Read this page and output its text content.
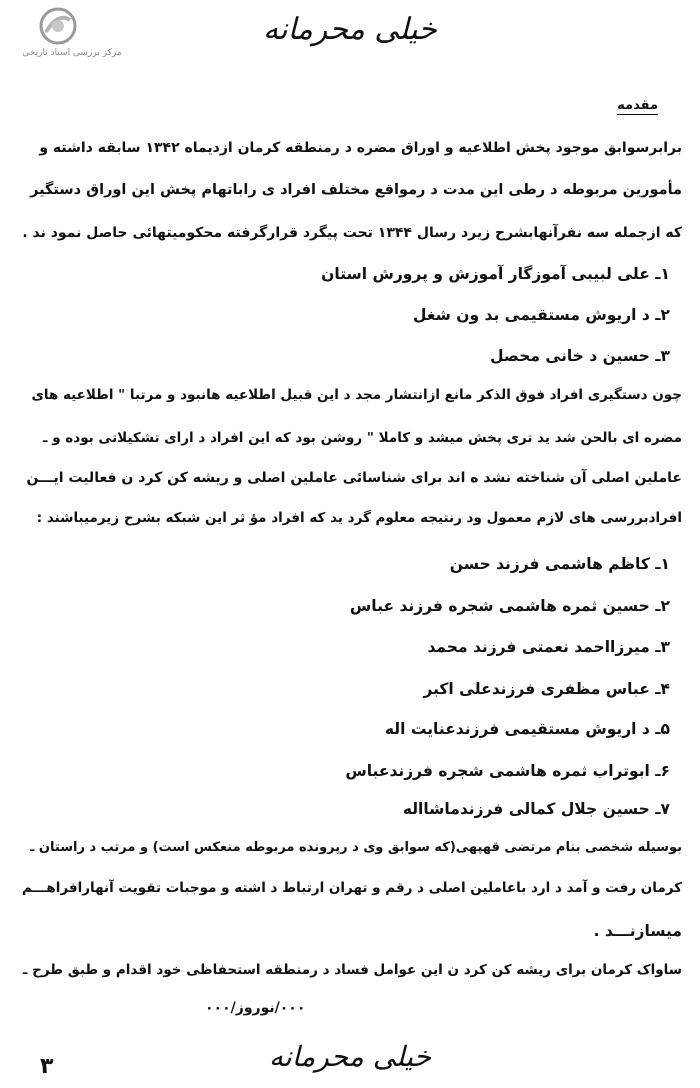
مرکز بررسی اسناد تاریخی
خیلی محرمانه
مقدمه
برابرسوابق موجود پخش اطلاعیه و اوراق مضره د رمنطقه کرمان ازدیماه ۱۳۴۲ سابقه داشته و
مأمورین مربوطه د رطی این مدت د رمواقع مختلف افراد ی راباتهام پخش این اوراق دستگیر
که ازجمله سه نفرآنهابشرح زیرد رسال ۱۳۴۴ تحت پیگرد قرارگرفته محکومیتهائی حاصل نمود ند .
۱ـ علی لبیبی آموزگار آموزش و پرورش استان
۲ـ د اریوش مستقیمی بد ون شغل
۳ـ حسین د خانی محصل
چون دستگیری افراد فوق الذکر مانع ازانتشار مجد د این قبیل اطلاعیه هانبود و مرتبا " اطلاعیه های
مضره ای بالحن شد ید تری پخش میشد و کاملا " روشن بود که این افراد د ارای تشکیلاتی بوده و ـ
عاملین اصلی آن شناخته نشد ه اند برای شناسائی عاملین اصلی و ریشه کن کرد ن فعالیت ایـــن
افرادبررسی های لازم معمول ود رنتیجه معلوم گرد ید که افراد مؤ ثر این شبکه بشرح زیرمیباشند :
۱ـ کاظم هاشمی فرزند حسن
۲ـ حسین ثمره هاشمی شجره فرزند عباس
۳ـ میرزااحمد نعمتی فرزند محمد
۴ـ عباس مظفری فرزندعلی اکبر
۵ـ د اریوش مستقیمی فرزندعنایت اله
۶ـ ابوتراب ثمره هاشمی شجره فرزندعباس
۷ـ حسین جلال کمالی فرزندماشااله
بوسیله شخصی بنام مرتضی قهپهی(که سوابق وی د رپرونده مربوطه منعکس است) و مرتب د راستان ـ
کرمان رفت و آمد د ارد باعاملین اصلی د رقم و تهران ارتباط د اشته و موجبات تقویت آنهارافراهـــم
میسازنـــد .
ساواک کرمان برای ریشه کن کرد ن این عوامل فساد د رمنطقه استحفاظی خود اقدام و طبق طرح ـ
۰۰۰/نوروز/۰۰۰
خیلی محرمانه
۳
